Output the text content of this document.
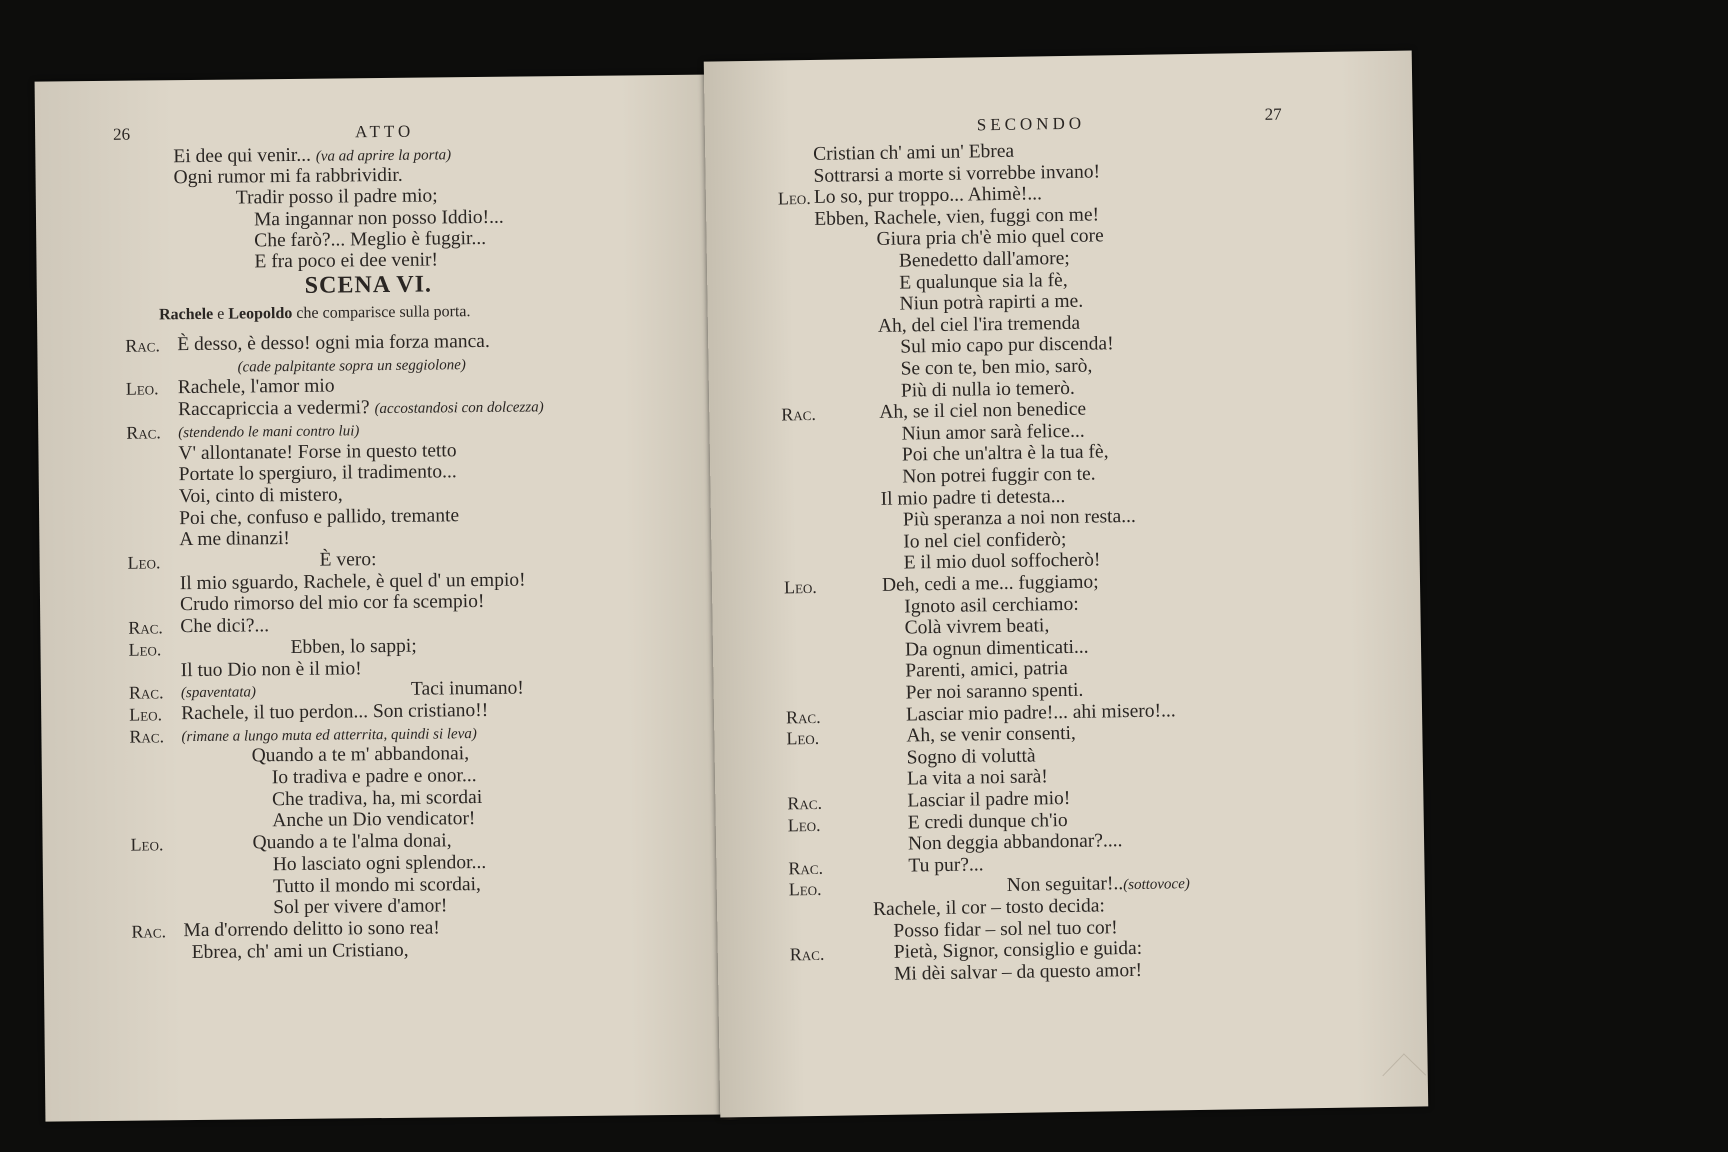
26	ATTO
Ei dee qui venir... (va ad aprire la porta)
Ogni rumor mi fa rabbrividir.
Tradir posso il padre mio;
Ma ingannar non posso Iddio!...
Che farò?... Meglio è fuggir...
E fra poco ei dee venir!
SCENA VI.
Rachele e Leopoldo che comparisce sulla porta.
Rac. È desso, è desso! ogni mia forza manca.
(cade palpitante sopra un seggiolone)
Leo. Rachele, l'amor mio
Raccapriccia a vedermi? (accostandosi con dolcezza)
Rac. (stendendo le mani contro lui)
V' allontanate! Forse in questo tetto
Portate lo spergiuro, il tradimento...
Voi, cinto di mistero,
Poi che, confuso e pallido, tremante
A me dinanzi!
Leo.	È vero:
Il mio sguardo, Rachele, è quel d' un empio!
Crudo rimorso del mio cor fa scempio!
Rac. Che dici?...
Leo.	Ebben, lo sappi;
Il tuo Dio non è il mio!
Rac. (spaventata)	Taci inumano!
Leo. Rachele, il tuo perdon... Son cristiano!!
Rac. (rimane a lungo muta ed atterrita, quindi si leva)
Quando a te m' abbandonai,
Io tradiva e padre e onor...
Che tradiva, ha, mi scordai
Anche un Dio vendicator!
Leo.	Quando a te l'alma donai,
Ho lasciato ogni splendor...
Tutto il mondo mi scordai,
Sol per vivere d'amor!
Rac. Ma d'orrendo delitto io sono rea!
Ebrea, ch' ami un Cristiano,
SECONDO	27
Cristian ch' ami un' Ebrea
Sottrarsi a morte si vorrebbe invano!
Leo. Lo so, pur troppo... Ahimè!...
Ebben, Rachele, vien, fuggi con me!
Giura pria ch'è mio quel core
Benedetto dall'amore;
E qualunque sia la fè,
Niun potrà rapirti a me.
Ah, del ciel l'ira tremenda
Sul mio capo pur discenda!
Se con te, ben mio, sarò,
Più di nulla io temerò.
Rac.	Ah, se il ciel non benedice
Niun amor sarà felice...
Poi che un'altra è la tua fè,
Non potrei fuggir con te.
Il mio padre ti detesta...
Più speranza a noi non resta...
Io nel ciel confiderò;
E il mio duol soffocherò!
Leo.	Deh, cedi a me... fuggiamo;
Ignoto asil cerchiamo:
Colà vivrem beati,
Da ognun dimenticati...
Parenti, amici, patria
Per noi saranno spenti.
Rac.	Lasciar mio padre!... ahi misero!...
Leo.	Ah, se venir consenti,
Sogno di voluttà
La vita a noi sarà!
Rac.	Lasciar il padre mio!
Leo.	E credi dunque ch'io
Non deggia abbandonar?....
Rac.	Tu pur?...
Leo.	Non seguitar!..(sottovoce)
Rachele, il cor – tosto decida:
Posso fidar – sol nel tuo cor!
Rac.	Pietà, Signor, consiglio e guida:
Mi dèi salvar – da questo amor!
